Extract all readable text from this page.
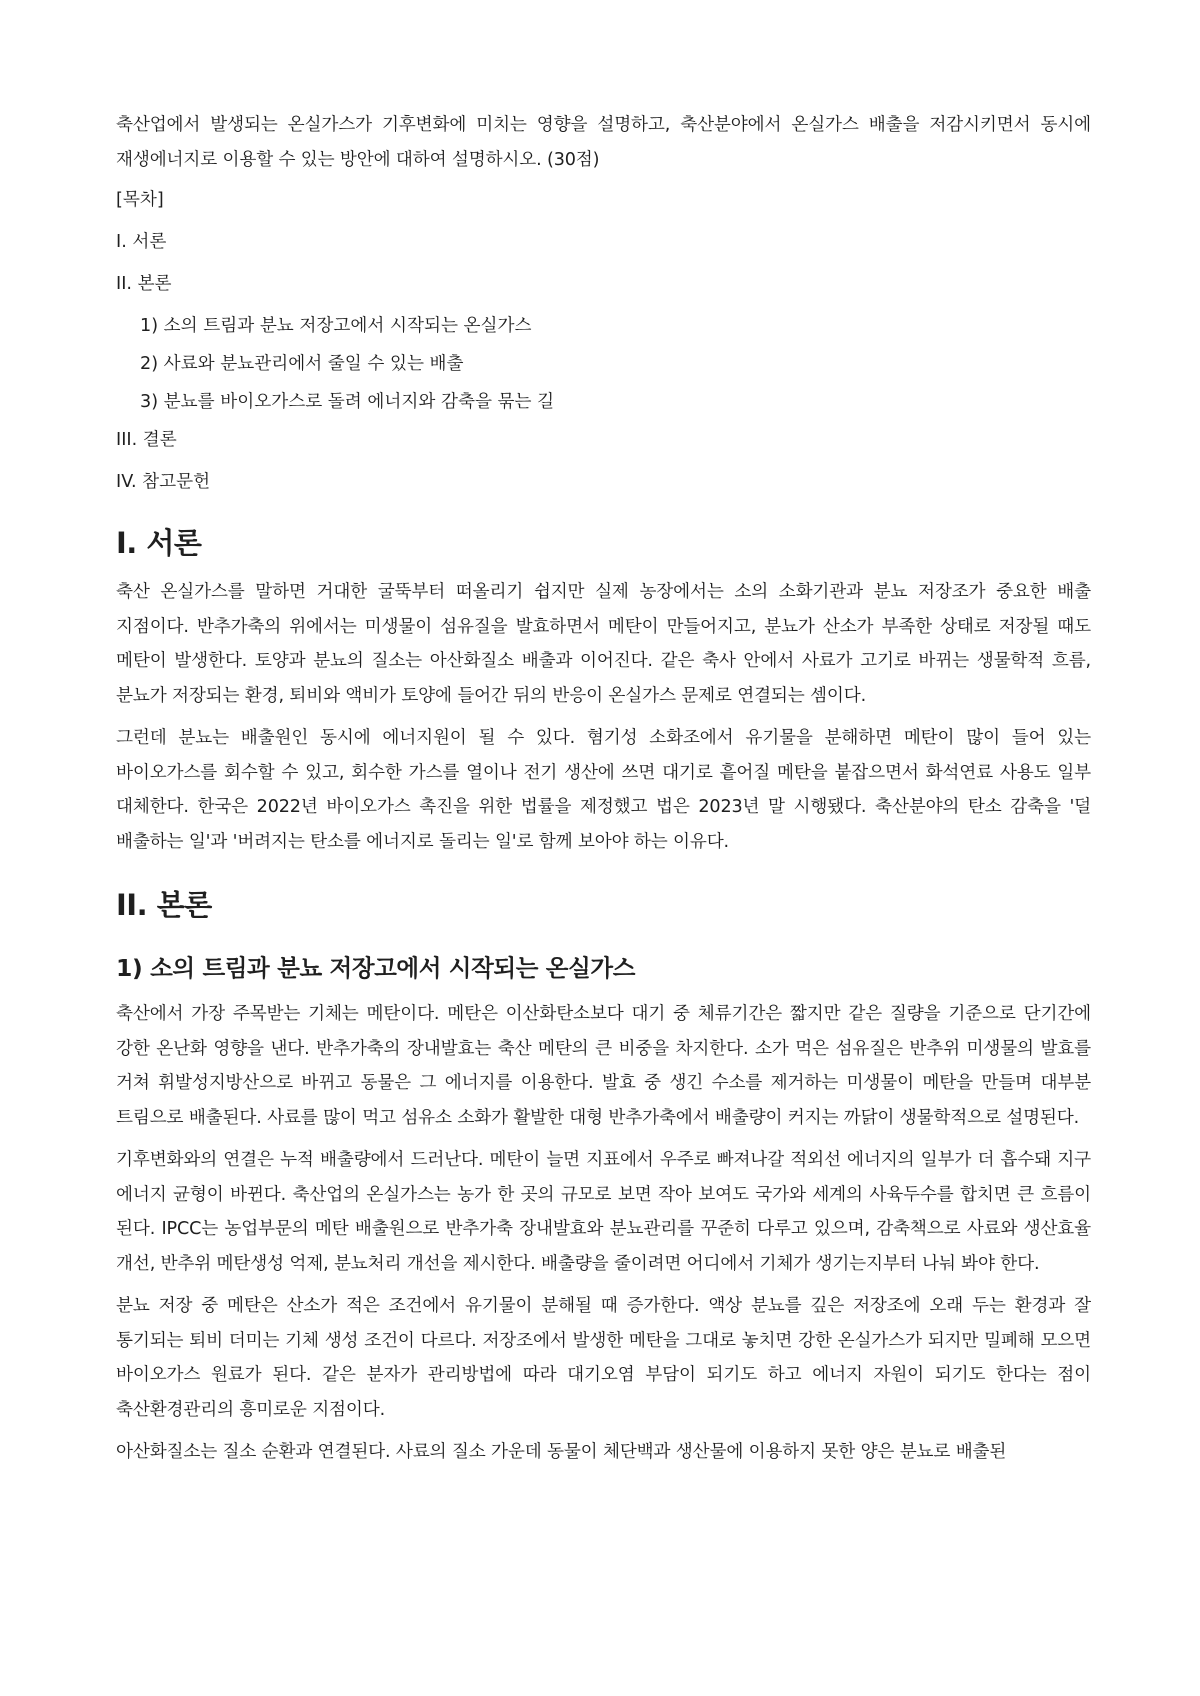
축산업에서 발생되는 온실가스가 기후변화에 미치는 영향을 설명하고, 축산분야에서 온실가스 배출을 저감시키면서 동시에 재생에너지로 이용할 수 있는 방안에 대하여 설명하시오. (30점)

[목차]
I. 서론
II. 본론
1) 소의 트림과 분뇨 저장고에서 시작되는 온실가스
2) 사료와 분뇨관리에서 줄일 수 있는 배출
3) 분뇨를 바이오가스로 돌려 에너지와 감축을 묶는 길
III. 결론
IV. 참고문헌
I. 서론

축산 온실가스를 말하면 거대한 굴뚝부터 떠올리기 쉽지만 실제 농장에서는 소의 소화기관과 분뇨 저장조가 중요한 배출 지점이다. 반추가축의 위에서는 미생물이 섬유질을 발효하면서 메탄이 만들어지고, 분뇨가 산소가 부족한 상태로 저장될 때도 메탄이 발생한다. 토양과 분뇨의 질소는 아산화질소 배출과 이어진다. 같은 축사 안에서 사료가 고기로 바뀌는 생물학적 흐름, 분뇨가 저장되는 환경, 퇴비와 액비가 토양에 들어간 뒤의 반응이 온실가스 문제로 연결되는 셈이다.

그런데 분뇨는 배출원인 동시에 에너지원이 될 수 있다. 혐기성 소화조에서 유기물을 분해하면 메탄이 많이 들어 있는 바이오가스를 회수할 수 있고, 회수한 가스를 열이나 전기 생산에 쓰면 대기로 흩어질 메탄을 붙잡으면서 화석연료 사용도 일부 대체한다. 한국은 2022년 바이오가스 촉진을 위한 법률을 제정했고 법은 2023년 말 시행됐다. 축산분야의 탄소 감축을 '덜 배출하는 일'과 '버려지는 탄소를 에너지로 돌리는 일'로 함께 보아야 하는 이유다.

II. 본론
1) 소의 트림과 분뇨 저장고에서 시작되는 온실가스

축산에서 가장 주목받는 기체는 메탄이다. 메탄은 이산화탄소보다 대기 중 체류기간은 짧지만 같은 질량을 기준으로 단기간에 강한 온난화 영향을 낸다. 반추가축의 장내발효는 축산 메탄의 큰 비중을 차지한다. 소가 먹은 섬유질은 반추위 미생물의 발효를 거쳐 휘발성지방산으로 바뀌고 동물은 그 에너지를 이용한다. 발효 중 생긴 수소를 제거하는 미생물이 메탄을 만들며 대부분 트림으로 배출된다. 사료를 많이 먹고 섬유소 소화가 활발한 대형 반추가축에서 배출량이 커지는 까닭이 생물학적으로 설명된다.

기후변화와의 연결은 누적 배출량에서 드러난다. 메탄이 늘면 지표에서 우주로 빠져나갈 적외선 에너지의 일부가 더 흡수돼 지구 에너지 균형이 바뀐다. 축산업의 온실가스는 농가 한 곳의 규모로 보면 작아 보여도 국가와 세계의 사육두수를 합치면 큰 흐름이 된다. IPCC는 농업부문의 메탄 배출원으로 반추가축 장내발효와 분뇨관리를 꾸준히 다루고 있으며, 감축책으로 사료와 생산효율 개선, 반추위 메탄생성 억제, 분뇨처리 개선을 제시한다. 배출량을 줄이려면 어디에서 기체가 생기는지부터 나눠 봐야 한다.

분뇨 저장 중 메탄은 산소가 적은 조건에서 유기물이 분해될 때 증가한다. 액상 분뇨를 깊은 저장조에 오래 두는 환경과 잘 통기되는 퇴비 더미는 기체 생성 조건이 다르다. 저장조에서 발생한 메탄을 그대로 놓치면 강한 온실가스가 되지만 밀폐해 모으면 바이오가스 원료가 된다. 같은 분자가 관리방법에 따라 대기오염 부담이 되기도 하고 에너지 자원이 되기도 한다는 점이 축산환경관리의 흥미로운 지점이다.

아산화질소는 질소 순환과 연결된다. 사료의 질소 가운데 동물이 체단백과 생산물에 이용하지 못한 양은 분뇨로 배출된
